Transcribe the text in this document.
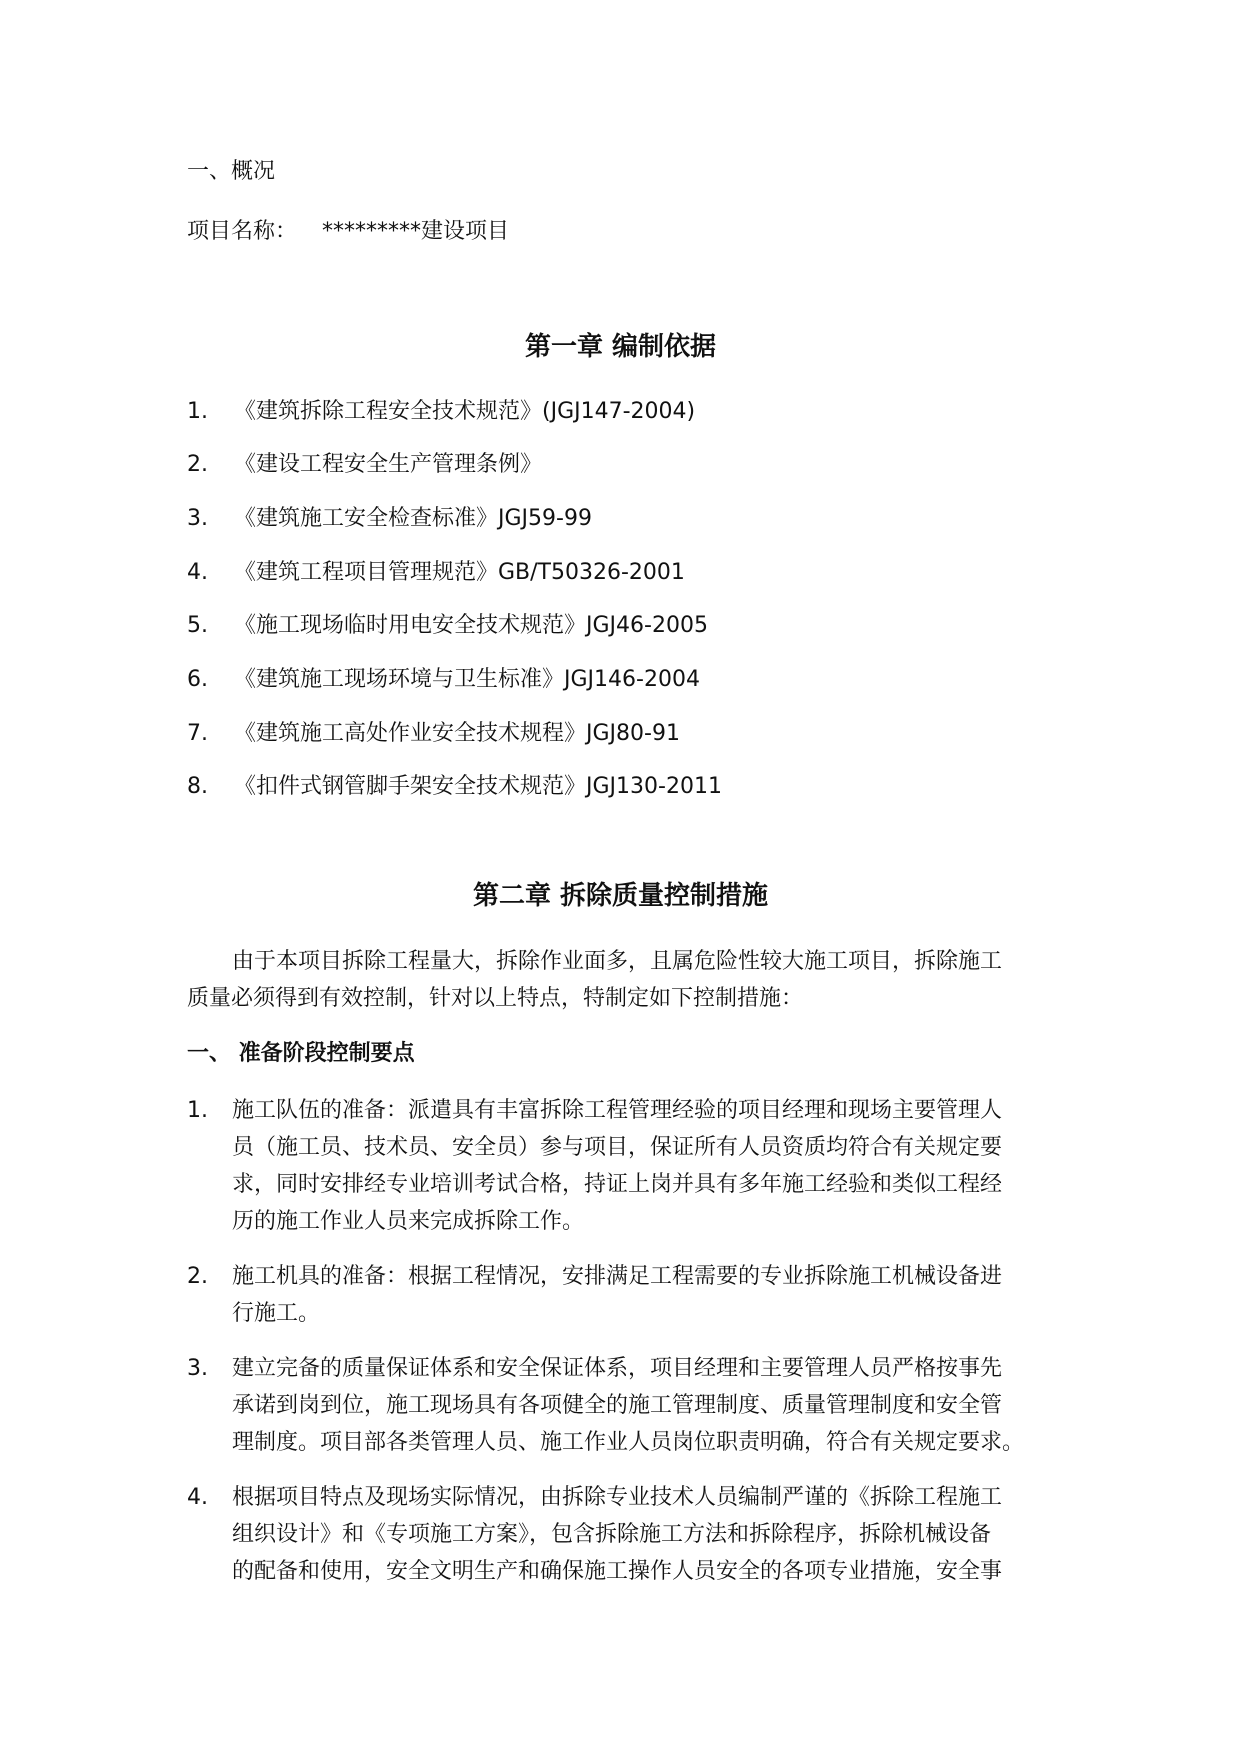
一、概况
项目名称： *********建设项目
第一章 编制依据
1. 《建筑拆除工程安全技术规范》(JGJ147-2004)
2. 《建设工程安全生产管理条例》
3. 《建筑施工安全检查标准》JGJ59-99
4. 《建筑工程项目管理规范》GB/T50326-2001
5. 《施工现场临时用电安全技术规范》JGJ46-2005
6. 《建筑施工现场环境与卫生标准》JGJ146-2004
7. 《建筑施工高处作业安全技术规程》JGJ80-91
8. 《扣件式钢管脚手架安全技术规范》JGJ130-2011
第二章 拆除质量控制措施
由于本项目拆除工程量大，拆除作业面多，且属危险性较大施工项目，拆除施工
质量必须得到有效控制，针对以上特点，特制定如下控制措施：
一、 准备阶段控制要点
1. 施工队伍的准备：派遣具有丰富拆除工程管理经验的项目经理和现场主要管理人
员（施工员、技术员、安全员）参与项目，保证所有人员资质均符合有关规定要
求，同时安排经专业培训考试合格，持证上岗并具有多年施工经验和类似工程经
历的施工作业人员来完成拆除工作。
2. 施工机具的准备：根据工程情况，安排满足工程需要的专业拆除施工机械设备进
行施工。
3. 建立完备的质量保证体系和安全保证体系，项目经理和主要管理人员严格按事先
承诺到岗到位，施工现场具有各项健全的施工管理制度、质量管理制度和安全管
理制度。项目部各类管理人员、施工作业人员岗位职责明确，符合有关规定要求。
4. 根据项目特点及现场实际情况，由拆除专业技术人员编制严谨的《拆除工程施工
组织设计》和《专项施工方案》，包含拆除施工方法和拆除程序，拆除机械设备
的配备和使用，安全文明生产和确保施工操作人员安全的各项专业措施，安全事
